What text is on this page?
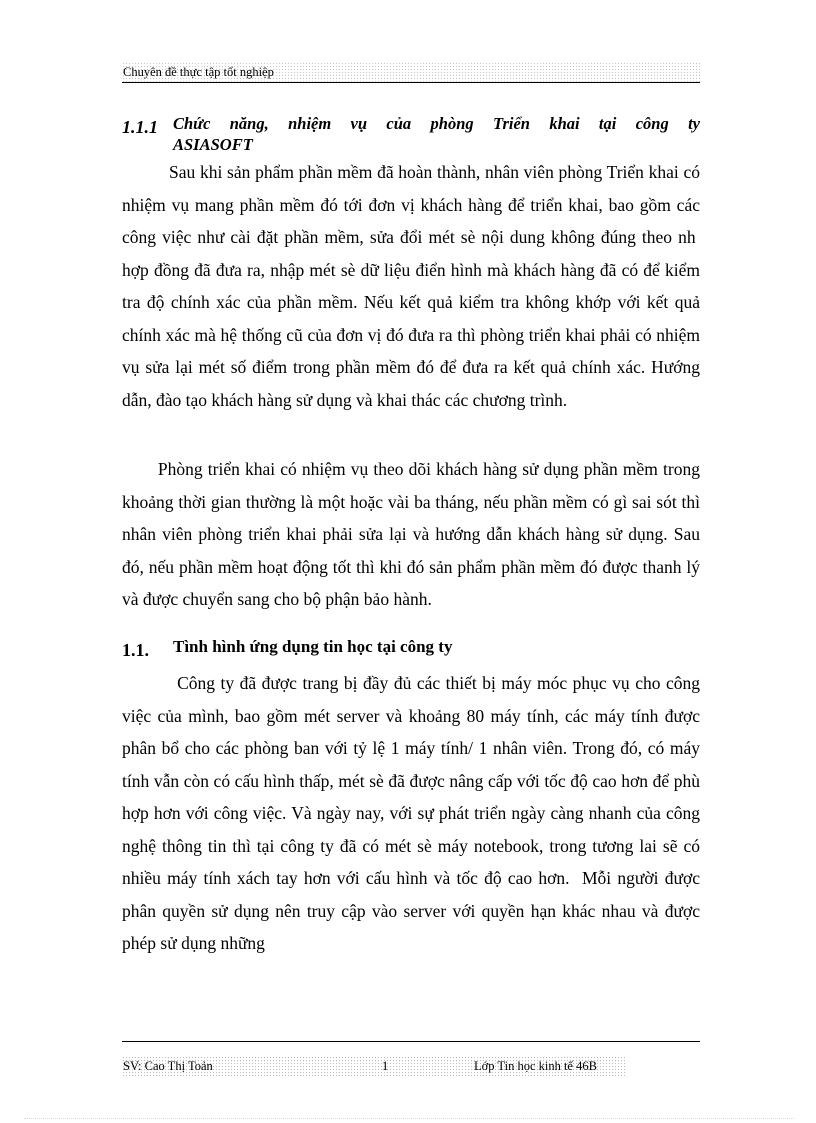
Chuyên đề thực tập tốt nghiệp
1.1.1 Chức năng, nhiệm vụ của phòng Triển khai tại công ty
ASIASOFT

Sau khi sản phẩm phần mềm đã hoàn thành, nhân viên phòng Triển khai có nhiệm vụ mang phần mềm đó tới đơn vị khách hàng để triển khai, bao gồm các công việc như cài đặt phần mềm, sửa đổi mét sè nội dung không đúng theo nh  hợp đồng đã đưa ra, nhập mét sè dữ liệu điển hình mà khách hàng đã có để kiểm tra độ chính xác của phần mềm. Nếu kết quả kiểm tra không khớp với kết quả chính xác mà hệ thống cũ của đơn vị đó đưa ra thì phòng triển khai phải có nhiệm vụ sửa lại mét số điểm trong phần mềm đó để đưa ra kết quả chính xác. Hướng dẫn, đào tạo khách hàng sử dụng và khai thác các chương trình.

Phòng triển khai có nhiệm vụ theo dõi khách hàng sử dụng phần mềm trong khoảng thời gian thường là một hoặc vài ba tháng, nếu phần mềm có gì sai sót thì nhân viên phòng triển khai phải sửa lại và hướng dẫn khách hàng sử dụng. Sau đó, nếu phần mềm hoạt động tốt thì khi đó sản phẩm phần mềm đó được thanh lý và được chuyển sang cho bộ phận bảo hành.

1.1. Tình hình ứng dụng tin học tại công ty

Công ty đã được trang bị đầy đủ các thiết bị máy móc phục vụ cho công việc của mình, bao gồm mét server và khoảng 80 máy tính, các máy tính được phân bổ cho các phòng ban với tỷ lệ 1 máy tính/ 1 nhân viên. Trong đó, có máy tính vẫn còn có cấu hình thấp, mét sè đã được nâng cấp với tốc độ cao hơn để phù hợp hơn với công việc. Và ngày nay, với sự phát triển ngày càng nhanh của công nghệ thông tin thì tại công ty đã có mét sè máy notebook, trong tương lai sẽ có nhiều máy tính xách tay hơn với cấu hình và tốc độ cao hơn.  Mỗi người được phân quyền sử dụng nên truy cập vào server với quyền hạn khác nhau và được phép sử dụng những

SV: Cao Thị Toản	1	Lớp Tin học kinh tế 46B
